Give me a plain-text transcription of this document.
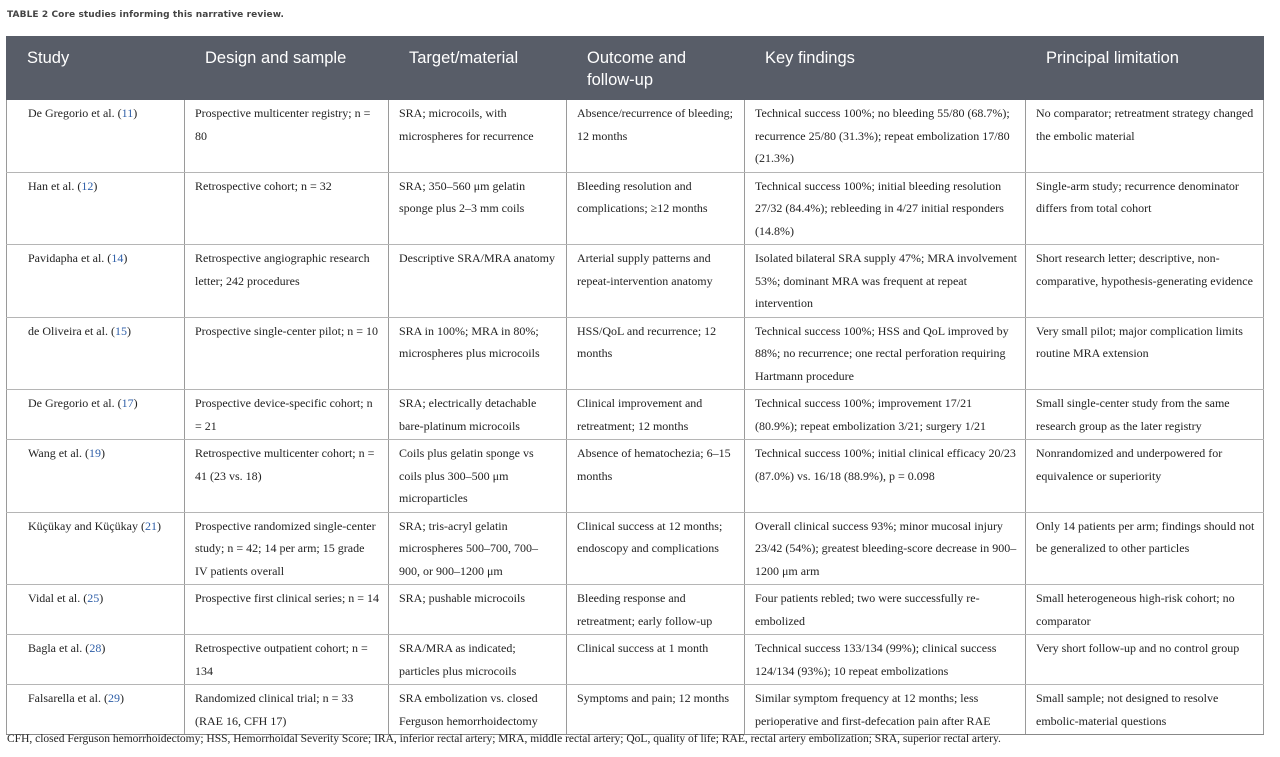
TABLE 2 Core studies informing this narrative review.
Study	Design and sample	Target/material	Outcome and follow-up	Key findings	Principal limitation
De Gregorio et al. (11)	Prospective multicenter registry; n = 80	SRA; microcoils, with microspheres for recurrence	Absence/recurrence of bleeding; 12 months	Technical success 100%; no bleeding 55/80 (68.7%); recurrence 25/80 (31.3%); repeat embolization 17/80 (21.3%)	No comparator; retreatment strategy changed the embolic material
Han et al. (12)	Retrospective cohort; n = 32	SRA; 350–560 μm gelatin sponge plus 2–3 mm coils	Bleeding resolution and complications; ≥12 months	Technical success 100%; initial bleeding resolution 27/32 (84.4%); rebleeding in 4/27 initial responders (14.8%)	Single-arm study; recurrence denominator differs from total cohort
Pavidapha et al. (14)	Retrospective angiographic research letter; 242 procedures	Descriptive SRA/MRA anatomy	Arterial supply patterns and repeat-intervention anatomy	Isolated bilateral SRA supply 47%; MRA involvement 53%; dominant MRA was frequent at repeat intervention	Short research letter; descriptive, non-comparative, hypothesis-generating evidence
de Oliveira et al. (15)	Prospective single-center pilot; n = 10	SRA in 100%; MRA in 80%; microspheres plus microcoils	HSS/QoL and recurrence; 12 months	Technical success 100%; HSS and QoL improved by 88%; no recurrence; one rectal perforation requiring Hartmann procedure	Very small pilot; major complication limits routine MRA extension
De Gregorio et al. (17)	Prospective device-specific cohort; n = 21	SRA; electrically detachable bare-platinum microcoils	Clinical improvement and retreatment; 12 months	Technical success 100%; improvement 17/21 (80.9%); repeat embolization 3/21; surgery 1/21	Small single-center study from the same research group as the later registry
Wang et al. (19)	Retrospective multicenter cohort; n = 41 (23 vs. 18)	Coils plus gelatin sponge vs coils plus 300–500 μm microparticles	Absence of hematochezia; 6–15 months	Technical success 100%; initial clinical efficacy 20/23 (87.0%) vs. 16/18 (88.9%), p = 0.098	Nonrandomized and underpowered for equivalence or superiority
Küçükay and Küçükay (21)	Prospective randomized single-center study; n = 42; 14 per arm; 15 grade IV patients overall	SRA; tris-acryl gelatin microspheres 500–700, 700–900, or 900–1200 μm	Clinical success at 12 months; endoscopy and complications	Overall clinical success 93%; minor mucosal injury 23/42 (54%); greatest bleeding-score decrease in 900–1200 μm arm	Only 14 patients per arm; findings should not be generalized to other particles
Vidal et al. (25)	Prospective first clinical series; n = 14	SRA; pushable microcoils	Bleeding response and retreatment; early follow-up	Four patients rebled; two were successfully re-embolized	Small heterogeneous high-risk cohort; no comparator
Bagla et al. (28)	Retrospective outpatient cohort; n = 134	SRA/MRA as indicated; particles plus microcoils	Clinical success at 1 month	Technical success 133/134 (99%); clinical success 124/134 (93%); 10 repeat embolizations	Very short follow-up and no control group
Falsarella et al. (29)	Randomized clinical trial; n = 33 (RAE 16, CFH 17)	SRA embolization vs. closed Ferguson hemorrhoidectomy	Symptoms and pain; 12 months	Similar symptom frequency at 12 months; less perioperative and first-defecation pain after RAE	Small sample; not designed to resolve embolic-material questions
CFH, closed Ferguson hemorrhoidectomy; HSS, Hemorrhoidal Severity Score; IRA, inferior rectal artery; MRA, middle rectal artery; QoL, quality of life; RAE, rectal artery embolization; SRA, superior rectal artery.
